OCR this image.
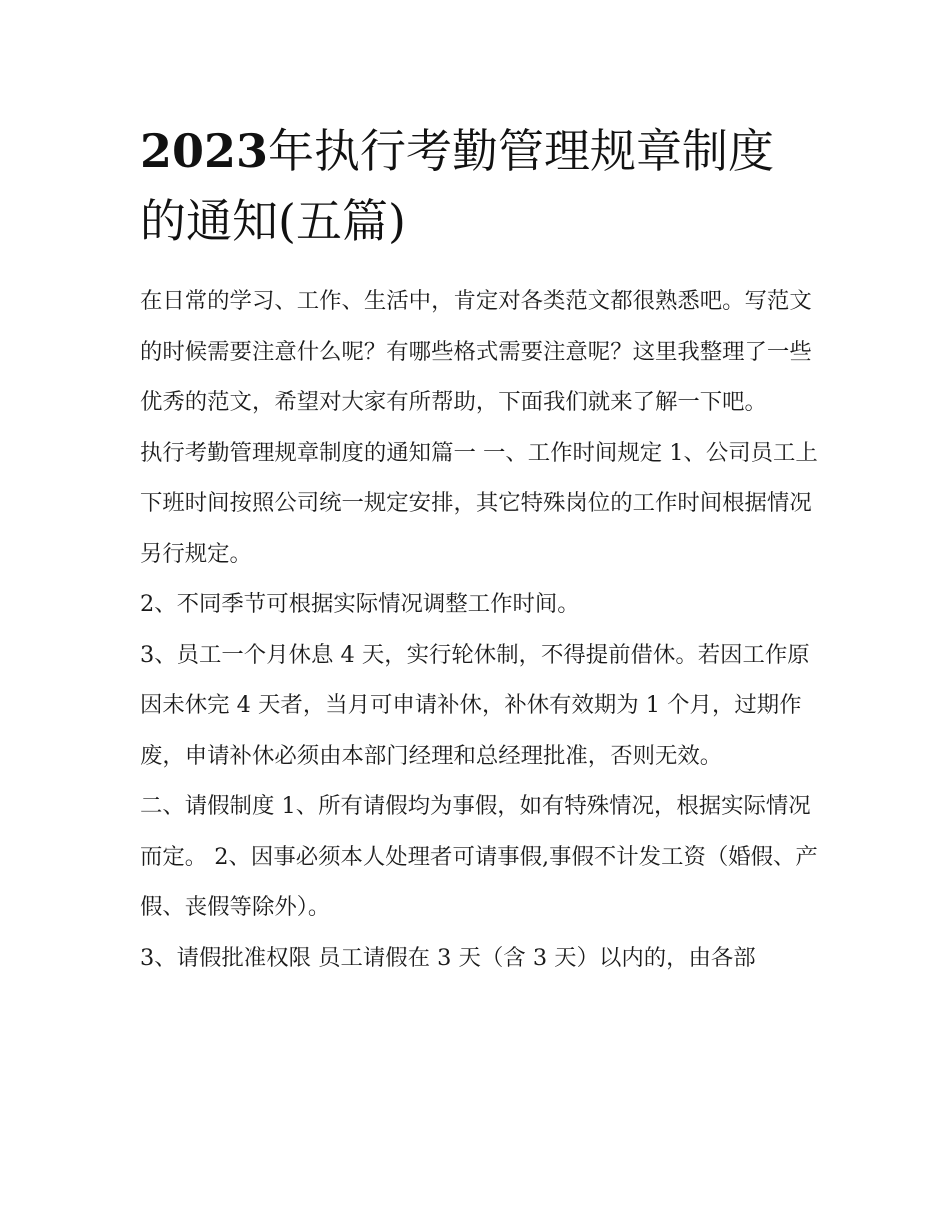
2023年执行考勤管理规章制度
的通知(五篇)

在日常的学习、工作、生活中，肯定对各类范文都很熟悉吧。写范文的时候需要注意什么呢？有哪些格式需要注意呢？这里我整理了一些优秀的范文，希望对大家有所帮助，下面我们就来了解一下吧。

执行考勤管理规章制度的通知篇一 一、工作时间规定 1、公司员工上下班时间按照公司统一规定安排，其它特殊岗位的工作时间根据情况另行规定。

2、不同季节可根据实际情况调整工作时间。

3、员工一个月休息 4 天，实行轮休制，不得提前借休。若因工作原因未休完 4 天者，当月可申请补休，补休有效期为 1 个月，过期作废，申请补休必须由本部门经理和总经理批准，否则无效。

二、请假制度 1、所有请假均为事假，如有特殊情况，根据实际情况而定。 2、因事必须本人处理者可请事假,事假不计发工资（婚假、产假、丧假等除外）。

3、请假批准权限 员工请假在 3 天（含 3 天）以内的，由各部
